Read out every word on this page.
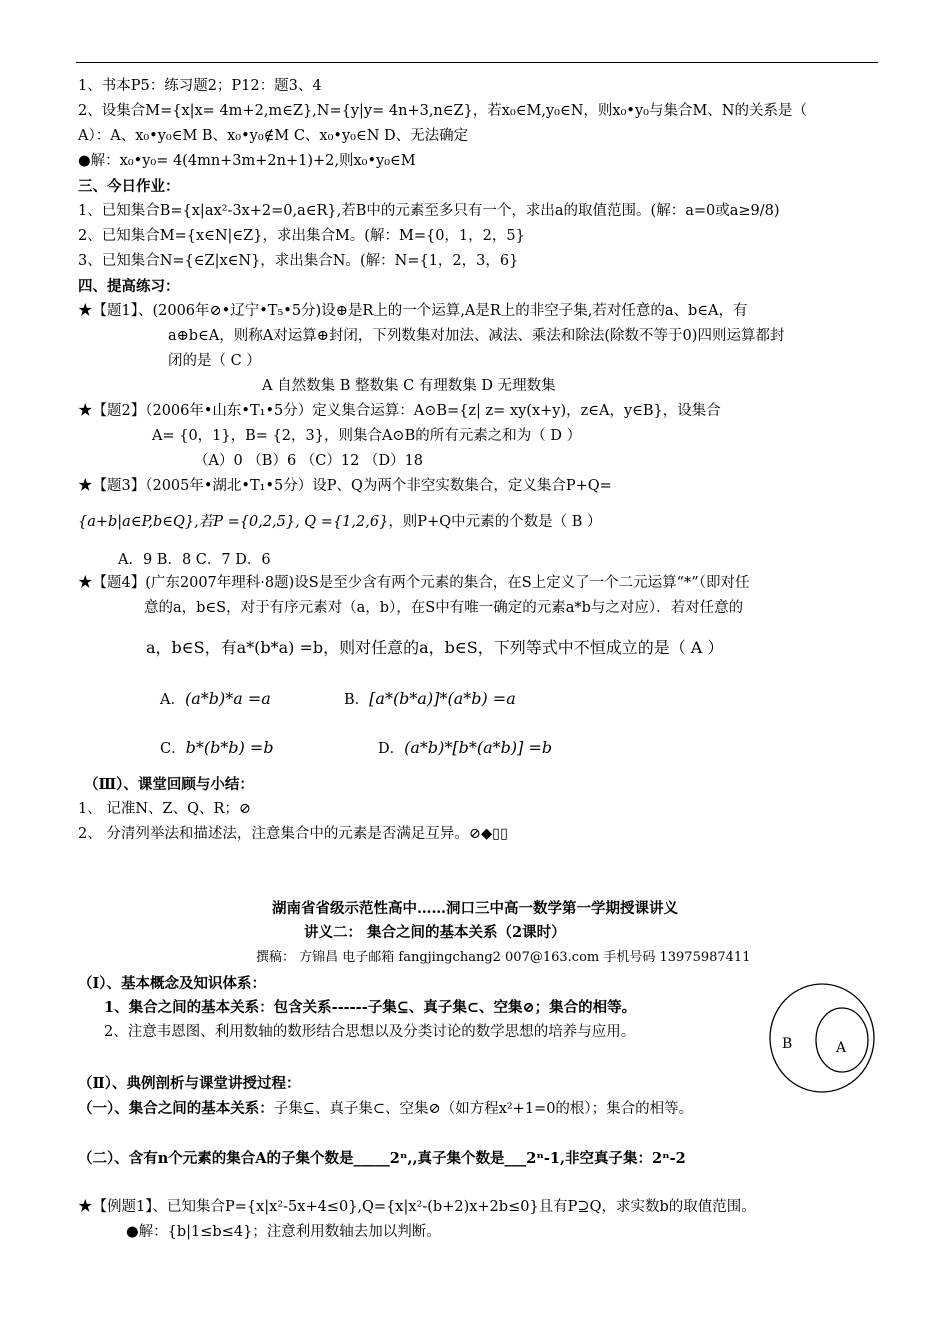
1、书本P5：练习题2；P12：题3、4
2、设集合M={x|x= 4m+2,m∈Z},N={y|y= 4n+3,n∈Z}，若x₀∈M,y₀∈N，则x₀•y₀与集合M、N的关系是（
A）：A、x₀•y₀∈M B、x₀•y₀∉M C、x₀•y₀∈N D、无法确定
●解：x₀•y₀= 4(4mn+3m+2n+1)+2,则x₀•y₀∈M
三、今日作业：
1、已知集合B={x|ax²-3x+2=0,a∈R},若B中的元素至多只有一个，求出a的取值范围。(解：a=0或a≥9/8)
2、已知集合M={x∈N|∈Z}，求出集合M。(解：M={0，1，2，5}
3、已知集合N={∈Z|x∈N}，求出集合N。(解：N={1，2，3，6}
四、提高练习：
★【题1】、(2006年⊘•辽宁•T₅•5分)设⊕是R上的一个运算,A是R上的非空子集,若对任意的a、b∈A，有
a⊕b∈A，则称A对运算⊕封闭，下列数集对加法、减法、乘法和除法(除数不等于0)四则运算都封
闭的是（ C ）
A 自然数集 B 整数集 C 有理数集 D 无理数集
★【题2】（2006年•山东•T₁•5分）定义集合运算：A⊙B={z| z= xy(x+y)，z∈A，y∈B}，设集合
A= {0，1}，B= {2，3}，则集合A⊙B的所有元素之和为（ D ）
（A）0 （B）6 （C）12 （D）18
★【题3】（2005年•湖北•T₁•5分）设P、Q为两个非空实数集合，定义集合P+Q=
{a+b|a∈P,b∈Q},若P ={0,2,5}, Q ={1,2,6}，则P+Q中元素的个数是（ B ）
A．9 B．8 C．7 D．6
★【题4】(广东2007年理科·8题)设S是至少含有两个元素的集合，在S上定义了一个二元运算“*”（即对任
意的a，b∈S，对于有序元素对（a，b），在S中有唯一确定的元素a*b与之对应）．若对任意的
a，b∈S，有a*(b*a) =b，则对任意的a，b∈S，下列等式中不恒成立的是（ A ）
A．(a*b)*a =a	B．[a*(b*a)]*(a*b) =a
C．b*(b*b) =b	D．(a*b)*[b*(a*b)] =b
（Ⅲ）、课堂回顾与小结：
1、 记准N、Z、Q、R；⊘
2、 分清列举法和描述法，注意集合中的元素是否满足互异。⊘◆▯▯
湖南省省级示范性高中……洞口三中高一数学第一学期授课讲义
讲义二： 集合之间的基本关系（2课时）
撰稿： 方锦昌 电子邮箱 fangjingchang2 007@163.com 手机号码 13975987411
（Ⅰ）、基本概念及知识体系：
1、集合之间的基本关系：包含关系------子集⊆、真子集⊂、空集⊘；集合的相等。
2、注意韦恩图、利用数轴的数形结合思想以及分类讨论的数学思想的培养与应用。
B	A
（Ⅱ）、典例剖析与课堂讲授过程：
（一）、集合之间的基本关系：子集⊆、真子集⊂、空集⊘（如方程x²+1=0的根）；集合的相等。
（二）、含有n个元素的集合A的子集个数是_____2ⁿ,,真子集个数是___2ⁿ-1,非空真子集：2ⁿ-2
★【例题1】、已知集合P={x|x²-5x+4≤0},Q={x|x²-(b+2)x+2b≤0}且有P⊇Q，求实数b的取值范围。
●解：{b|1≤b≤4}；注意利用数轴去加以判断。
